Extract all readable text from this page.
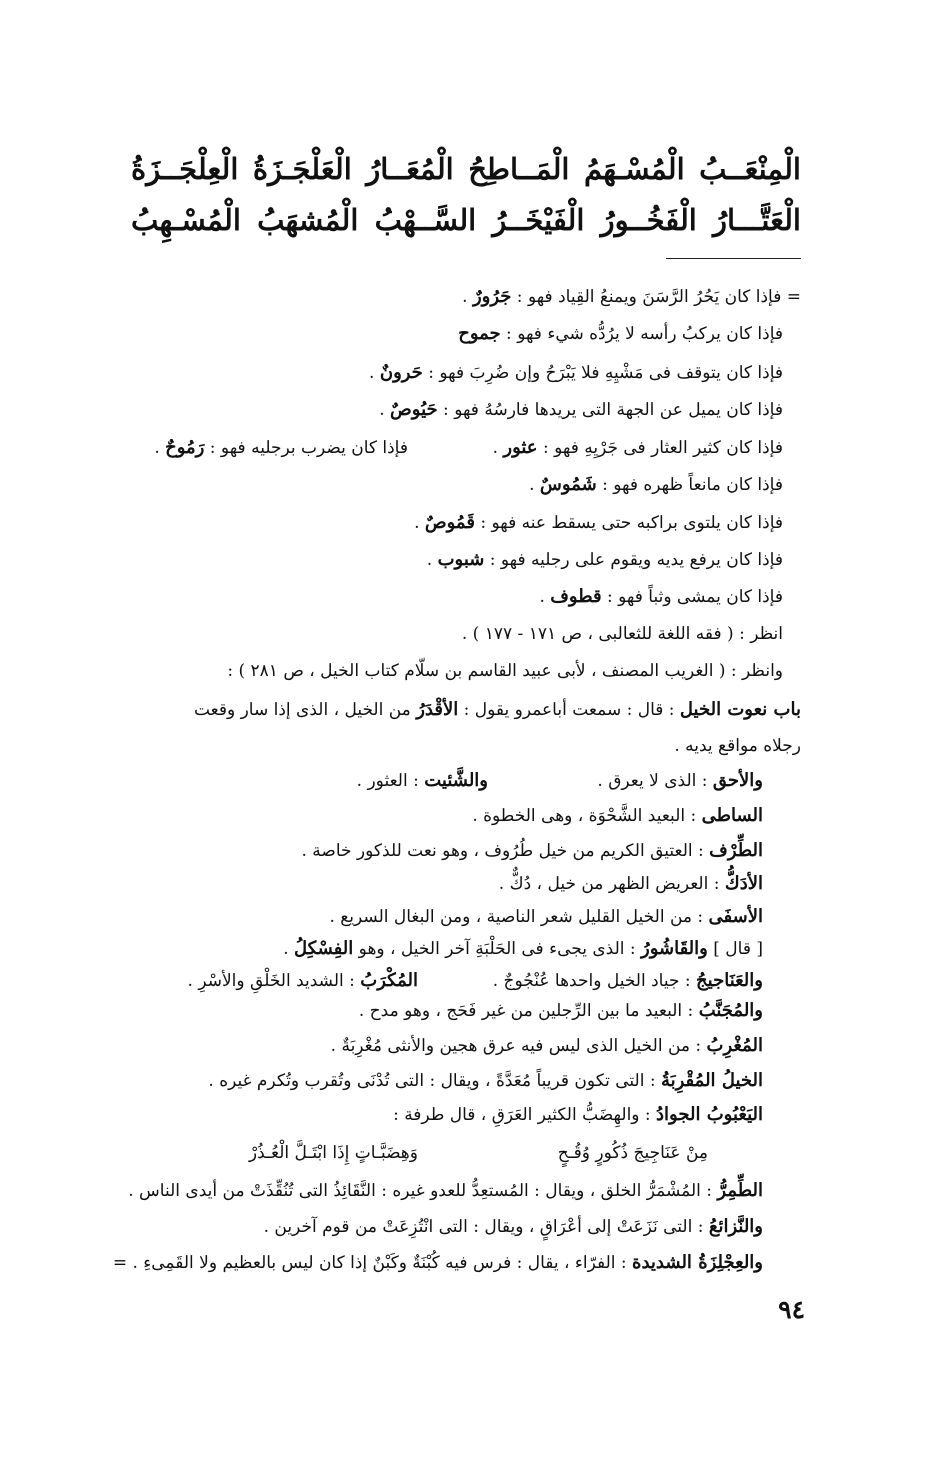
الْمِنْعَــبُ
الْمُسْـهَمُ
الْمَــاطِحُ
الْمُعَــارُ
الْعَلْجَـزَةُ
الْعِلْجَــزَةُ
الْعَتَّـــارُ
الْفَخُــورُ
الْفَيْخَــرُ
السَّــهْبُ
الْمُشهَبُ
الْمُسْـهِبُ
= فإذا كان يَحُرُ الرَّسَنَ ويمنعُ القِياد فهو : جَرُورٌ .
فإذا كان يركبُ رأسه لا يرُدُّه شيء فهو : جموح
فإذا كان يتوقف فى مَشْيِهِ فلا يَبْرَحُ وإن ضُرِبَ فهو : حَرونٌ .
فإذا كان يميل عن الجهة التى يريدها فارسُهُ فهو : حَيُوصٌ .
فإذا كان كثير العثار فى جَرْيِهِ فهو : عثور .
فإذا كان يضرب برجليه فهو : رَمُوحٌ .
فإذا كان مانعاً ظهره فهو : شَمُوسٌ .
فإذا كان يلتوى براكبه حتى يسقط عنه فهو : قَمُوصٌ .
فإذا كان يرفع يديه ويقوم على رجليه فهو : شبوب .
فإذا كان يمشى وثباً فهو : قطوف .
انظر : ( فقه اللغة للثعالبى ، ص ١٧١ - ١٧٧ ) .
وانظر : ( الغريب المصنف ، لأبى عبيد القاسم بن سلّام كتاب الخيل ، ص ٢٨١ ) :
باب نعوت الخيل : قال : سمعت أباعمرو يقول : الأقْدَرُ من الخيل ، الذى إذا سار وقعت
رجلاه مواقع يديه .
والأحق : الذى لا يعرق .
والشَّئيت : العثور .
الساطى : البعيد الشَّحْوَة ، وهى الخطوة .
الطِّرْف : العتيق الكريم من خيل طُرُوف ، وهو نعت للذكور خاصة .
الأدَكُّ : العريض الظهر من خيل ، دُكٌّ .
الأسفَى : من الخيل القليل شعر الناصية ، ومن البغال السريع .
[ قال ] والقَاشُورُ : الذى يجىء فى الحَلْبَةِ آخر الخيل ، وهو الفِسْكِلُ .
والعَنَاجيجُ : جياد الخيل واحدها عُنْجُوجٌ .
المُكْرَبُ : الشديد الخَلْقِ والأسْرِ .
والمُجَنَّبُ : البعيد ما بين الرِّجلين من غير فَحَج ، وهو مدح .
المُغْرِبُ : من الخيل الذى ليس فيه عرق هجين والأنثى مُغْرِبَةٌ .
الخيلُ المُقْرِبَةُ : التى تكون قريباً مُعَدَّةً ، ويقال : التى تُدْنَى وتُقرب وتُكرم غيره .
اليَعْبُوبُ الجوادُ : والهِضَبُّ الكثير العَرَقِ ، قال طرفة :
مِنْ عَنَاجِيجَ ذُكُورٍ وُقُـحٍ
وَهِضَبَّـاتٍ إِذَا ابْتَـلَّ الْعُـذُرْ
الطِّمِرُّ : المُشْمَرُّ الخلق ، ويقال : المُستعِدُّ للعدو غيره : النَّقَائِذُ التى تُنُقِّذَتْ من أيدى الناس .
والنَّزائعُ : التى نَزَعَتْ إلى أعْرَاقٍ ، ويقال : التى انْتُزِعَتْ من قوم آخرين .
والعِجْلِزَةُ الشديدة : الفرّاء ، يقال : فرس فيه كُبْنَةٌ وكَبْنٌ إذا كان ليس بالعظيم ولا القَمِىءِ . =
٩٤
